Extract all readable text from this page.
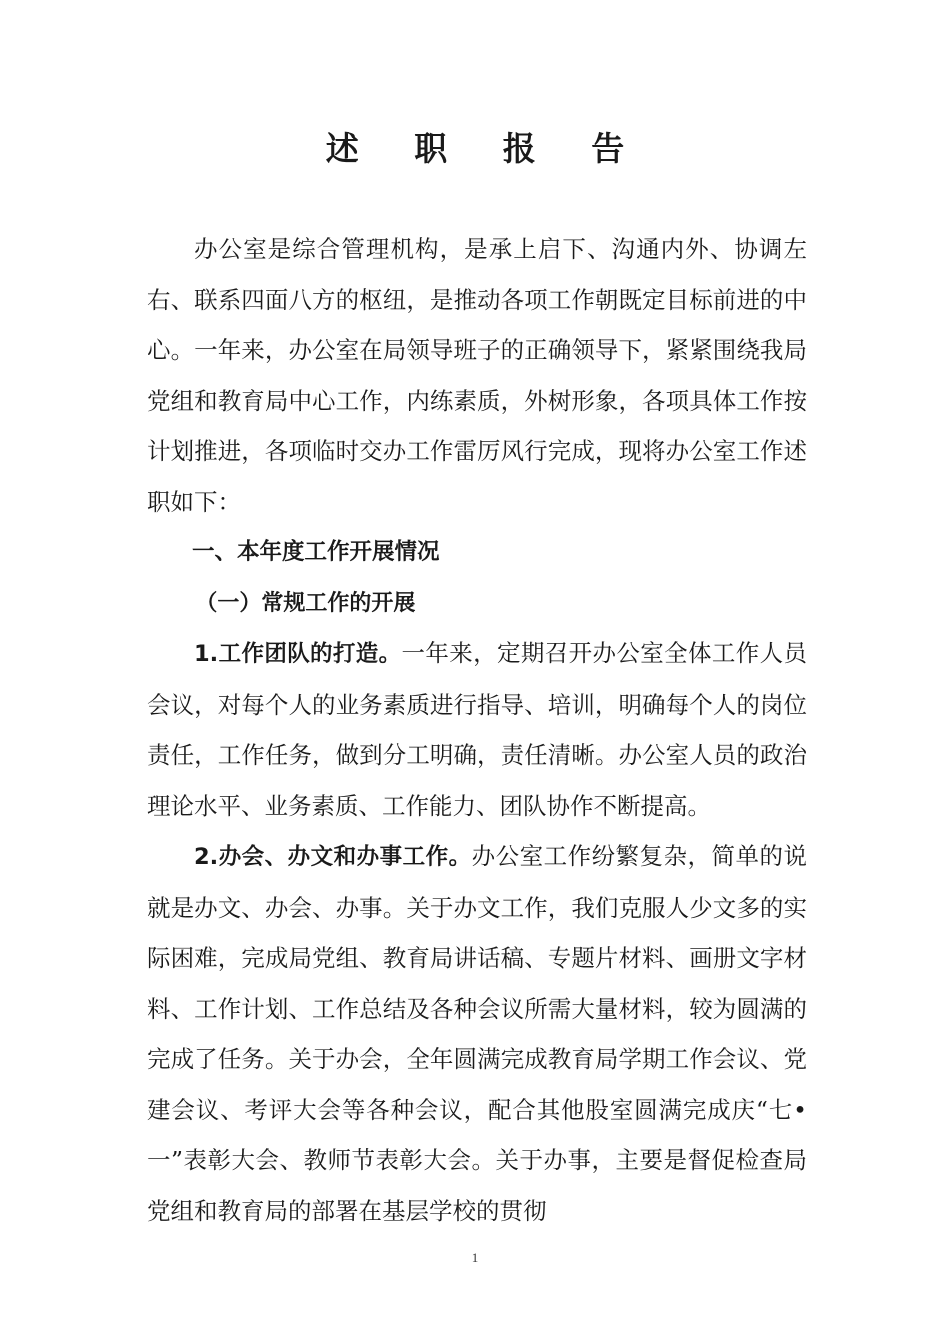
述 职 报 告

办公室是综合管理机构，是承上启下、沟通内外、协调左右、联系四面八方的枢纽，是推动各项工作朝既定目标前进的中心。一年来，办公室在局领导班子的正确领导下，紧紧围绕我局党组和教育局中心工作，内练素质，外树形象，各项具体工作按计划推进，各项临时交办工作雷厉风行完成，现将办公室工作述职如下：

一、本年度工作开展情况

（一）常规工作的开展

1.工作团队的打造。一年来，定期召开办公室全体工作人员会议，对每个人的业务素质进行指导、培训，明确每个人的岗位责任，工作任务，做到分工明确，责任清晰。办公室人员的政治理论水平、业务素质、工作能力、团队协作不断提高。

2.办会、办文和办事工作。办公室工作纷繁复杂，简单的说就是办文、办会、办事。关于办文工作，我们克服人少文多的实际困难，完成局党组、教育局讲话稿、专题片材料、画册文字材料、工作计划、工作总结及各种会议所需大量材料，较为圆满的完成了任务。关于办会，全年圆满完成教育局学期工作会议、党建会议、考评大会等各种会议，配合其他股室圆满完成庆“七•一”表彰大会、教师节表彰大会。关于办事，主要是督促检查局党组和教育局的部署在基层学校的贯彻

1
